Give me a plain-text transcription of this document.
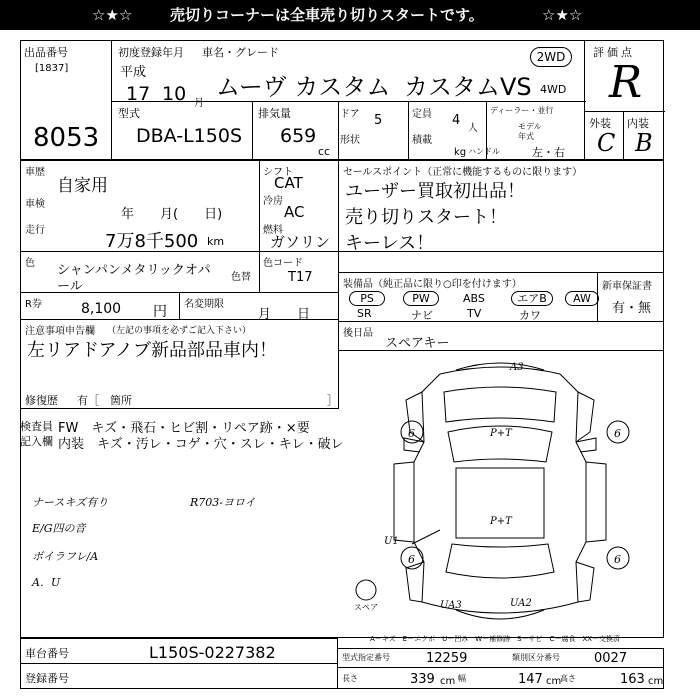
☆★☆	売切りコーナーは全車売り切りスタートです。	☆★☆
出品番号
[1837]
8053
初度登録年月 車名・グレード
平成
17 10 月
ムーヴ カスタム カスタムVS
2WD
4WD
型式
DBA-L150S
排気量
659
cc
ドア 5
形状
定員 4
人
積載
kg
ディーラー・並行
モデル
年式
ハンドル	左・右
評価点
R
外装 内装
C B
車歴
自家用
車検
年　　月(　　日)
走行
7万8千500 km
シフト
CAT
冷房
AC
燃料
ガソリン
セールスポイント（正常に機能するものに限ります）
ユーザー買取初出品！
売り切りスタート！
キーレス！
色 シャンパンメタリックオパ
ール
色替
色コード
T17	装備品（純正品に限り○印を付けます）
PS	PW	ABS	エアB	AW
SR	ナビ	TV	カワ
新車保証書
有・無
R券	8,100 円 名変期限
月　　日
後日品
スペアキー
注意事項申告欄 （左記の事項を必ずご記入下さい）
左リアドアノブ新品部品車内！
修復歴 有［　箇所	］
検査員
記入欄
FW　キズ・飛石・ヒビ割・リペア跡・×要
内装　キズ・汚レ・コゲ・穴・スレ・キレ・破レ
ナースキズ有り
E/G四の音
ボイラフレ/A
A．U
R703-ヨロイ
6	6
6	6
A3
P+T
P+T
U1
UA2
UA3
スペア
A－キズ　E－エクボ　U－凹み　W－補修跡　S－サビ　C－腐食　XX－交換済
車台番号	L150S-0227382
登録番号
型式指定番号	12259	類別区分番号	0027
長さ	339 cm 幅	147 cm
高さ	163 cm
